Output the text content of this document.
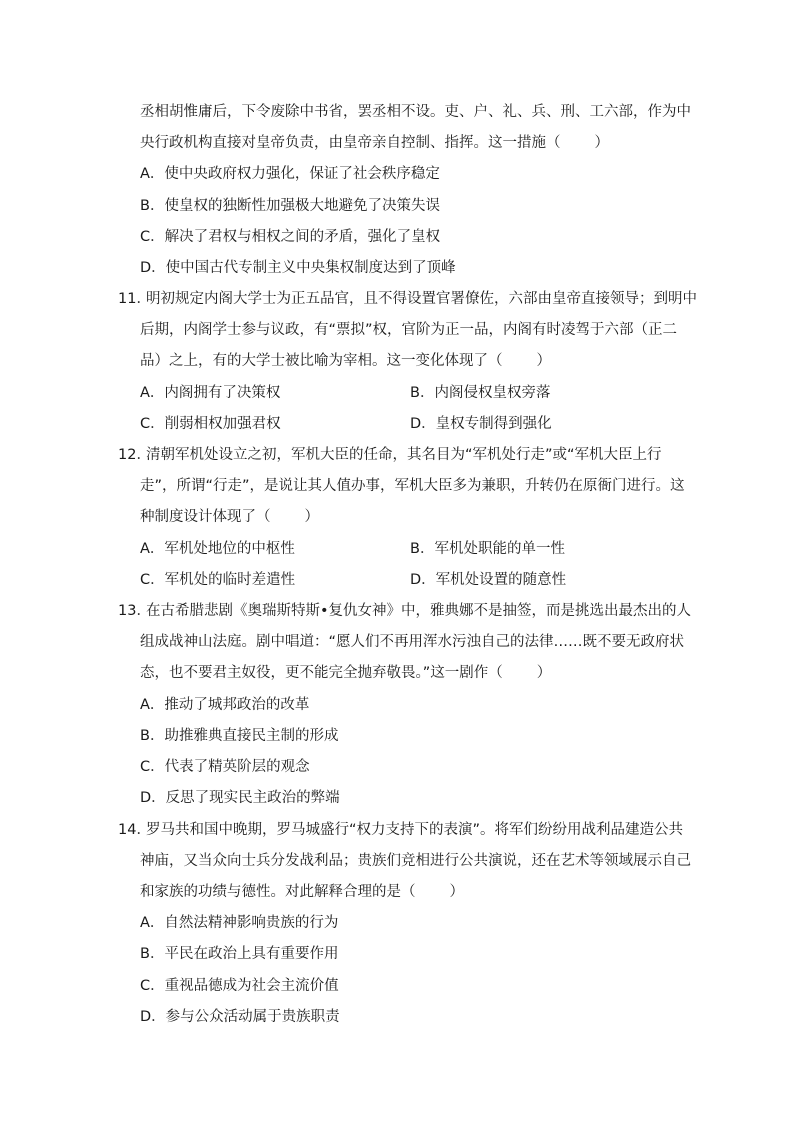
丞相胡惟庸后，下令废除中书省，罢丞相不设。吏、户、礼、兵、刑、工六部，作为中
央行政机构直接对皇帝负责，由皇帝亲自控制、指挥。这一措施（ ）
A．使中央政府权力强化，保证了社会秩序稳定
B．使皇权的独断性加强极大地避免了决策失误
C．解决了君权与相权之间的矛盾，强化了皇权
D．使中国古代专制主义中央集权制度达到了顶峰
11．
明初规定内阁大学士为正五品官，且不得设置官署僚佐，六部由皇帝直接领导；到明中
后期，内阁学士参与议政，有“票拟”权，官阶为正一品，内阁有时凌驾于六部（正二
品）之上，有的大学士被比喻为宰相。这一变化体现了（ ）
A．内阁拥有了决策权	B．内阁侵权皇权旁落
C．削弱相权加强君权	D．皇权专制得到强化
12．
清朝军机处设立之初，军机大臣的任命，其名目为“军机处行走”或“军机大臣上行
走”，所谓“行走”，是说让其人值办事，军机大臣多为兼职，升转仍在原衙门进行。这
种制度设计体现了（ ）
A．军机处地位的中枢性	B．军机处职能的单一性
C．军机处的临时差遣性	D．军机处设置的随意性
13．
在古希腊悲剧《奥瑞斯特斯•复仇女神》中，雅典娜不是抽签，而是挑选出最杰出的人
组成战神山法庭。剧中唱道：“愿人们不再用浑水污浊自己的法律……既不要无政府状
态，也不要君主奴役，更不能完全抛弃敬畏。”这一剧作（ ）
A．推动了城邦政治的改革
B．助推雅典直接民主制的形成
C．代表了精英阶层的观念
D．反思了现实民主政治的弊端
14．
罗马共和国中晚期，罗马城盛行“权力支持下的表演”。将军们纷纷用战利品建造公共
神庙，又当众向士兵分发战利品；贵族们竞相进行公共演说，还在艺术等领域展示自己
和家族的功绩与德性。对此解释合理的是（ ）
A．自然法精神影响贵族的行为
B．平民在政治上具有重要作用
C．重视品德成为社会主流价值
D．参与公众活动属于贵族职责
